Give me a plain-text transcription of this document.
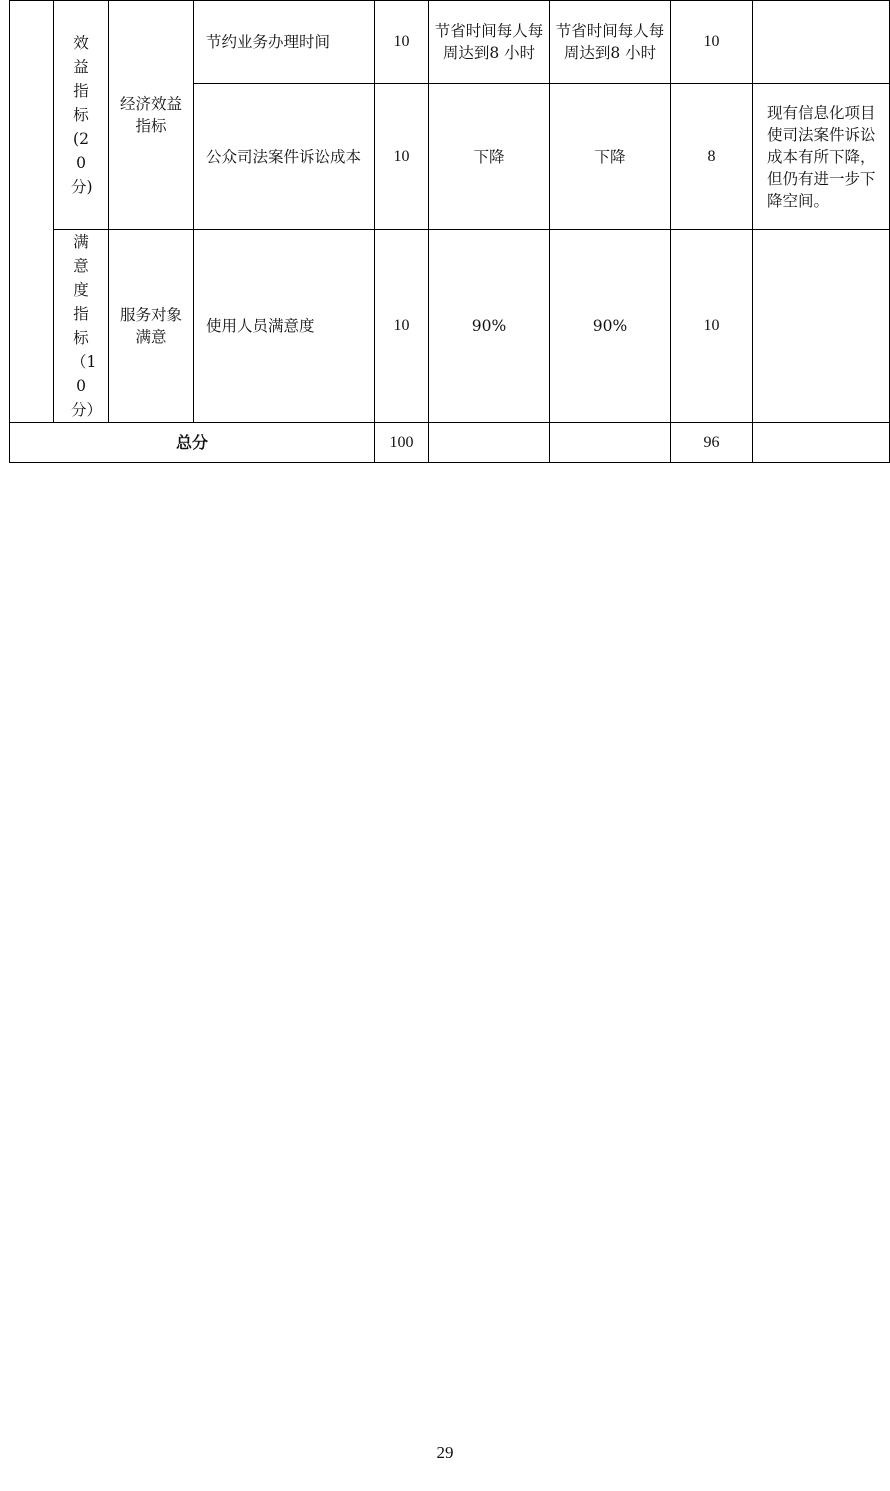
	效益指标(20分)	经济效益指标	节约业务办理时间	10	节省时间每人每周达到8 小时	节省时间每人每周达到8 小时	10	
			公众司法案件诉讼成本	10	下降	下降	8	现有信息化项目使司法案件诉讼成本有所下降，但仍有进一步下降空间。
	满意度指标（10分）	服务对象满意	使用人员满意度	10	90%	90%	10	
总分				100			96	
29
